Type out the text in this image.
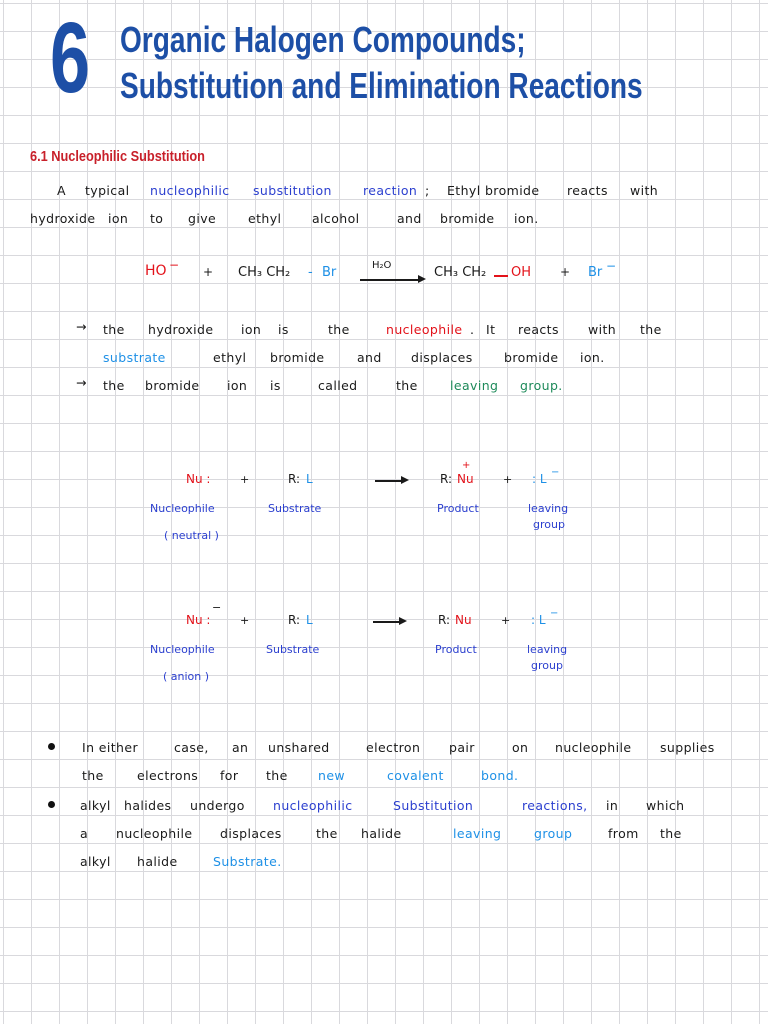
6 Organic Halogen Compounds;
Substitution and Elimination Reactions
6.1 Nucleophilic Substitution
A typical nucleophilic substitution reaction ; Ethyl bromide reacts with
hydroxide ion to give	ethyl alcohol	and bromide ion.
HO − + CH₃ CH₂ - Br	H₂O	CH₃ CH₂ OH + Br −
→ the hydroxide ion is	the	nucleophile . It reacts with the
substrate	ethyl bromide	and displaces	bromide ion.
→ the bromide ion is	called	the	leaving group.
Nu :	+	R: L	R: Nu
+
+ : L −
Nucleophile
( neutral )
Substrate	Product	leaving
group
Nu :
−
+	R: L	R: Nu	+ : L −
Nucleophile
( anion )
Substrate	Product	leaving
group
In either	case, an unshared	electron pair	on nucleophile supplies
the	electrons for the new	covalent	bond.
alkyl halides undergo nucleophilic	Substitution	reactions, in which
a nucleophile displaces	the halide	leaving	group	from the
alkyl halide	Substrate.
